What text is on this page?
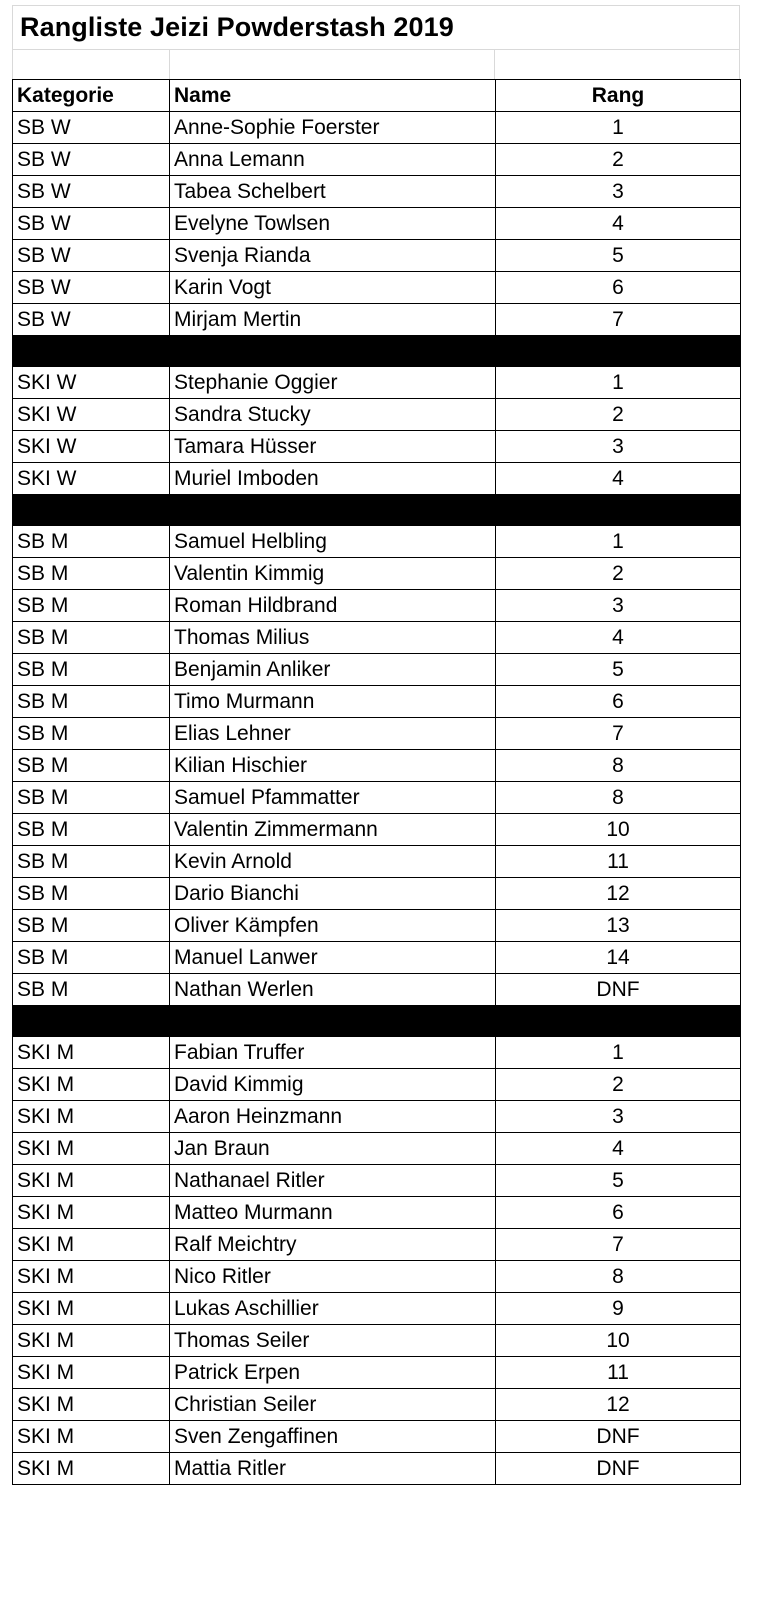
Rangliste Jeizi Powderstash 2019
Kategorie	Name	Rang
SB W	Anne-Sophie Foerster	1
SB W	Anna Lemann	2
SB W	Tabea Schelbert	3
SB W	Evelyne Towlsen	4
SB W	Svenja Rianda	5
SB W	Karin Vogt	6
SB W	Mirjam Mertin	7

SKI W	Stephanie Oggier	1
SKI W	Sandra Stucky	2
SKI W	Tamara Hüsser	3
SKI W	Muriel Imboden	4

SB M	Samuel Helbling	1
SB M	Valentin Kimmig	2
SB M	Roman Hildbrand	3
SB M	Thomas Milius	4
SB M	Benjamin Anliker	5
SB M	Timo Murmann	6
SB M	Elias Lehner	7
SB M	Kilian Hischier	8
SB M	Samuel Pfammatter	8
SB M	Valentin Zimmermann	10
SB M	Kevin Arnold	11
SB M	Dario Bianchi	12
SB M	Oliver Kämpfen	13
SB M	Manuel Lanwer	14
SB M	Nathan Werlen	DNF

SKI M	Fabian Truffer	1
SKI M	David Kimmig	2
SKI M	Aaron Heinzmann	3
SKI M	Jan Braun	4
SKI M	Nathanael Ritler	5
SKI M	Matteo Murmann	6
SKI M	Ralf Meichtry	7
SKI M	Nico Ritler	8
SKI M	Lukas Aschillier	9
SKI M	Thomas Seiler	10
SKI M	Patrick Erpen	11
SKI M	Christian Seiler	12
SKI M	Sven Zengaffinen	DNF
SKI M	Mattia Ritler	DNF
